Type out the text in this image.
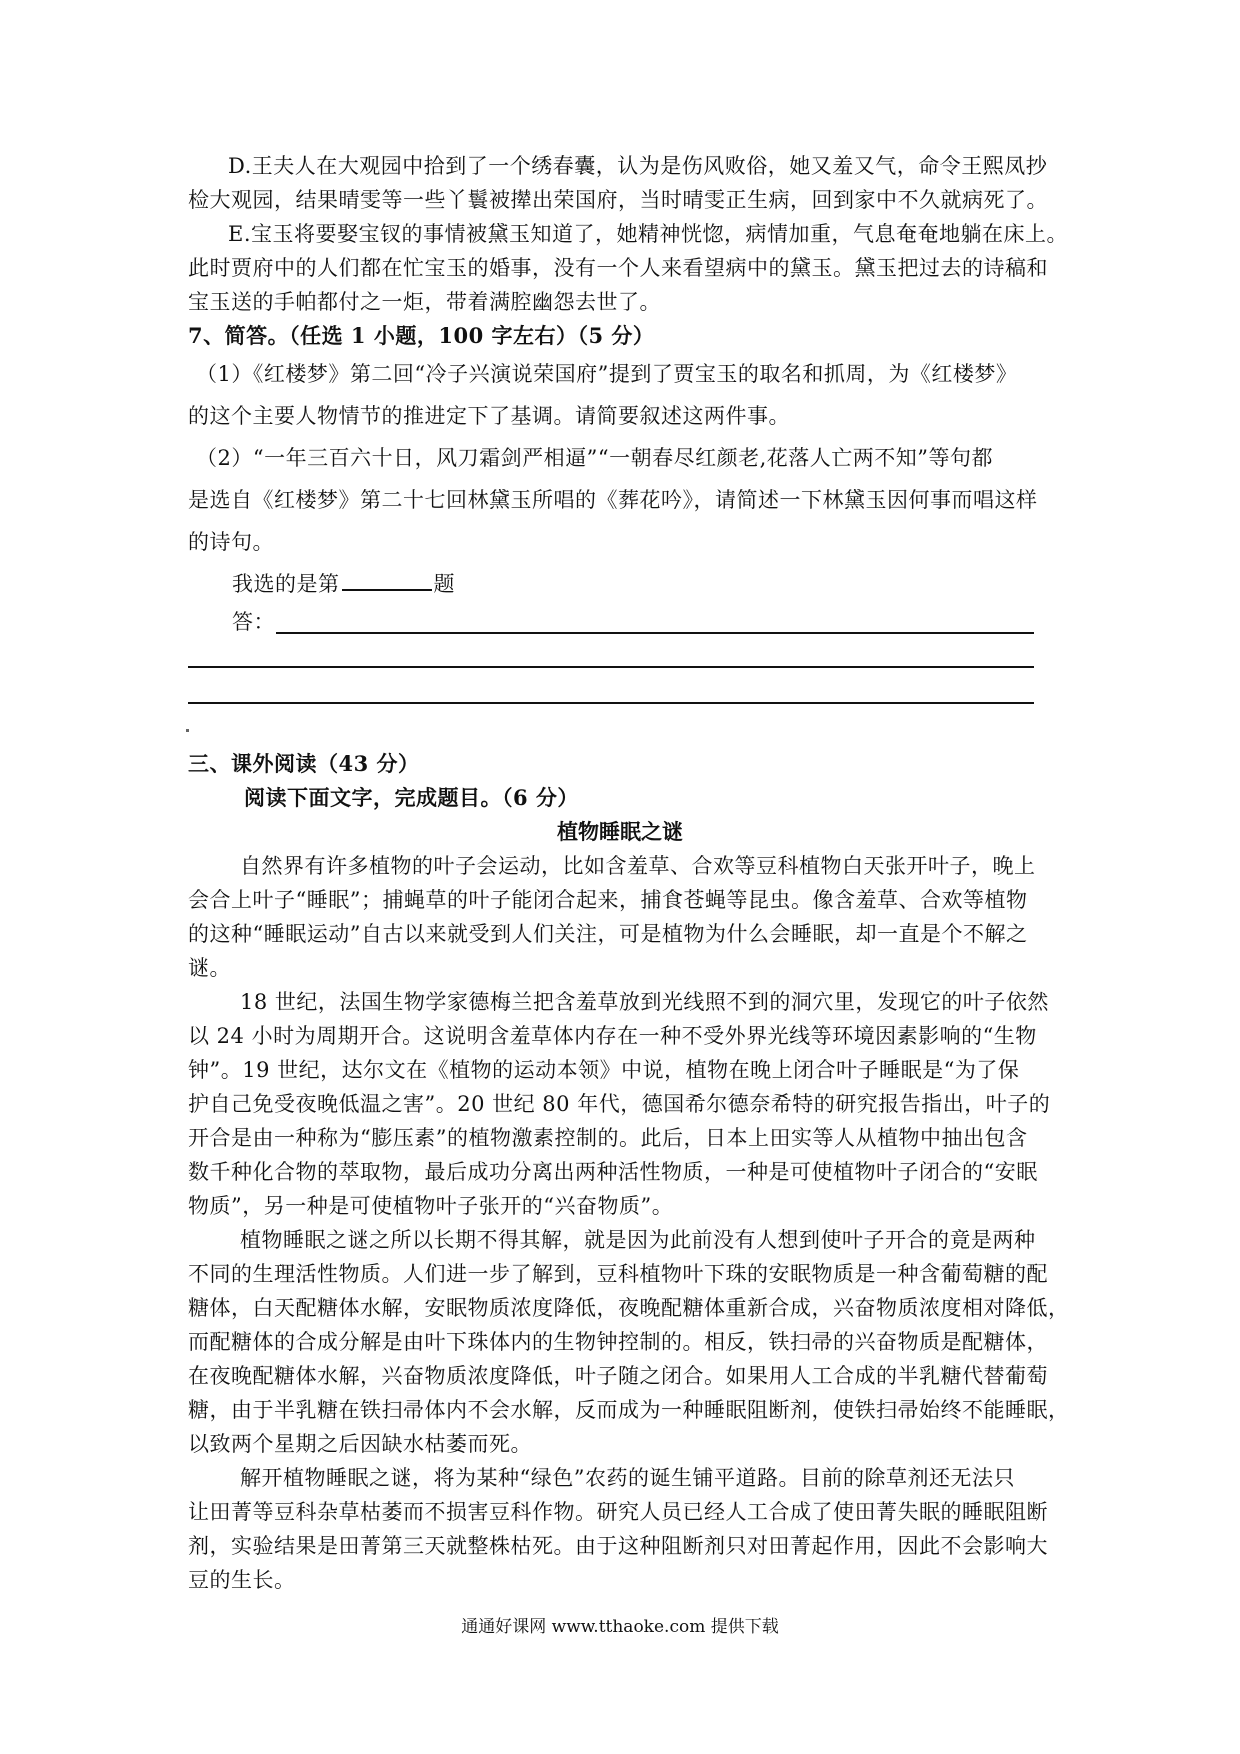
D.王夫人在大观园中拾到了一个绣春囊，认为是伤风败俗，她又羞又气，命令王熙凤抄
检大观园，结果晴雯等一些丫鬟被撵出荣国府，当时晴雯正生病，回到家中不久就病死了。
E.宝玉将要娶宝钗的事情被黛玉知道了，她精神恍惚，病情加重，气息奄奄地躺在床上。
此时贾府中的人们都在忙宝玉的婚事，没有一个人来看望病中的黛玉。黛玉把过去的诗稿和
宝玉送的手帕都付之一炬，带着满腔幽怨去世了。
7、简答。（任选 1 小题，100 字左右）（5 分）
（1）《红楼梦》第二回“冷子兴演说荣国府”提到了贾宝玉的取名和抓周，为《红楼梦》
的这个主要人物情节的推进定下了基调。请简要叙述这两件事。
（2）“一年三百六十日，风刀霜剑严相逼”“一朝春尽红颜老,花落人亡两不知”等句都
是选自《红楼梦》第二十七回林黛玉所唱的《葬花吟》，请简述一下林黛玉因何事而唱这样
的诗句。
我选的是第	题
答：
三、课外阅读（43 分）
阅读下面文字，完成题目。（6 分）
植物睡眠之谜
自然界有许多植物的叶子会运动，比如含羞草、合欢等豆科植物白天张开叶子，晚上
会合上叶子“睡眠”；捕蝇草的叶子能闭合起来，捕食苍蝇等昆虫。像含羞草、合欢等植物
的这种“睡眠运动”自古以来就受到人们关注，可是植物为什么会睡眠，却一直是个不解之
谜。
18 世纪，法国生物学家德梅兰把含羞草放到光线照不到的洞穴里，发现它的叶子依然
以 24 小时为周期开合。这说明含羞草体内存在一种不受外界光线等环境因素影响的“生物
钟”。19 世纪，达尔文在《植物的运动本领》中说，植物在晚上闭合叶子睡眠是“为了保
护自己免受夜晚低温之害”。20 世纪 80 年代，德国希尔德奈希特的研究报告指出，叶子的
开合是由一种称为“膨压素”的植物激素控制的。此后，日本上田实等人从植物中抽出包含
数千种化合物的萃取物，最后成功分离出两种活性物质，一种是可使植物叶子闭合的“安眠
物质”，另一种是可使植物叶子张开的“兴奋物质”。
植物睡眠之谜之所以长期不得其解，就是因为此前没有人想到使叶子开合的竟是两种
不同的生理活性物质。人们进一步了解到，豆科植物叶下珠的安眠物质是一种含葡萄糖的配
糖体，白天配糖体水解，安眠物质浓度降低，夜晚配糖体重新合成，兴奋物质浓度相对降低，
而配糖体的合成分解是由叶下珠体内的生物钟控制的。相反，铁扫帚的兴奋物质是配糖体，
在夜晚配糖体水解，兴奋物质浓度降低，叶子随之闭合。如果用人工合成的半乳糖代替葡萄
糖，由于半乳糖在铁扫帚体内不会水解，反而成为一种睡眠阻断剂，使铁扫帚始终不能睡眠，
以致两个星期之后因缺水枯萎而死。
解开植物睡眠之谜，将为某种“绿色”农药的诞生铺平道路。目前的除草剂还无法只
让田菁等豆科杂草枯萎而不损害豆科作物。研究人员已经人工合成了使田菁失眠的睡眠阻断
剂，实验结果是田菁第三天就整株枯死。由于这种阻断剂只对田菁起作用，因此不会影响大
豆的生长。
通通好课网 www.tthaoke.com 提供下载
